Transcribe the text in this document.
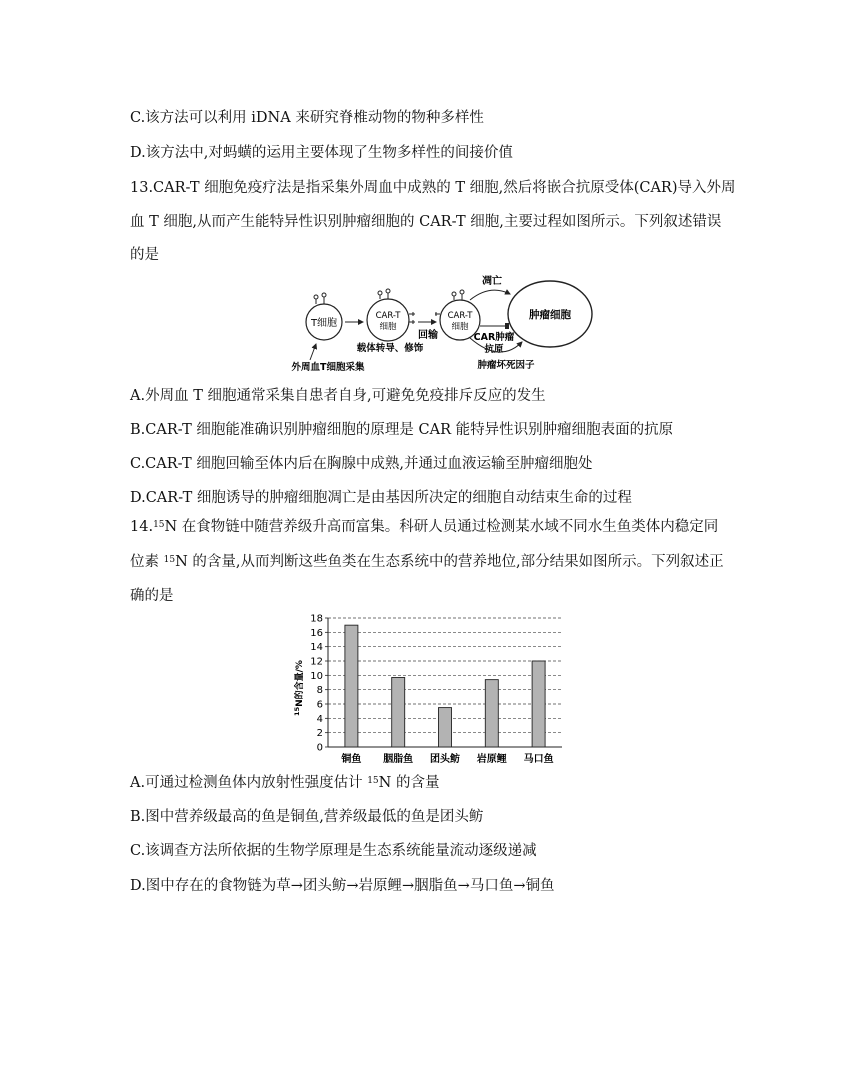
C.该方法可以利用 iDNA 来研究脊椎动物的物种多样性
D.该方法中,对蚂蟥的运用主要体现了生物多样性的间接价值
13.CAR-T 细胞免疫疗法是指采集外周血中成熟的 T 细胞,然后将嵌合抗原受体(CAR)导入外周
血 T 细胞,从而产生能特异性识别肿瘤细胞的 CAR-T 细胞,主要过程如图所示。下列叙述错误
的是
T细胞
CAR-T
细胞
回输
CAR-T
细胞
肿瘤细胞
凋亡
CAR肿瘤
抗原
肿瘤坏死因子
载体转导、修饰
外周血T细胞采集
A.外周血 T 细胞通常采集自患者自身,可避免免疫排斥反应的发生
B.CAR-T 细胞能准确识别肿瘤细胞的原理是 CAR 能特异性识别肿瘤细胞表面的抗原
C.CAR-T 细胞回输至体内后在胸腺中成熟,并通过血液运输至肿瘤细胞处
D.CAR-T 细胞诱导的肿瘤细胞凋亡是由基因所决定的细胞自动结束生命的过程
14.15N 在食物链中随营养级升高而富集。科研人员通过检测某水域不同水生鱼类体内稳定同
位素 $^{15}$N 的含量,从而判断这些鱼类在生态系统中的营养地位,部分结果如图所示。下列叙述正
确的是
$^{15}$N的含量/%
0
2
4
6
8
10
12
14
16
18
铜鱼 胭脂鱼 团头鲂 岩原鲤 马口鱼
A.可通过检测鱼体内放射性强度估计 $^{15}$N 的含量
B.图中营养级最高的鱼是铜鱼,营养级最低的鱼是团头鲂
C.该调查方法所依据的生物学原理是生态系统能量流动逐级递减
D.图中存在的食物链为草→团头鲂→岩原鲤→胭脂鱼→马口鱼→铜鱼
